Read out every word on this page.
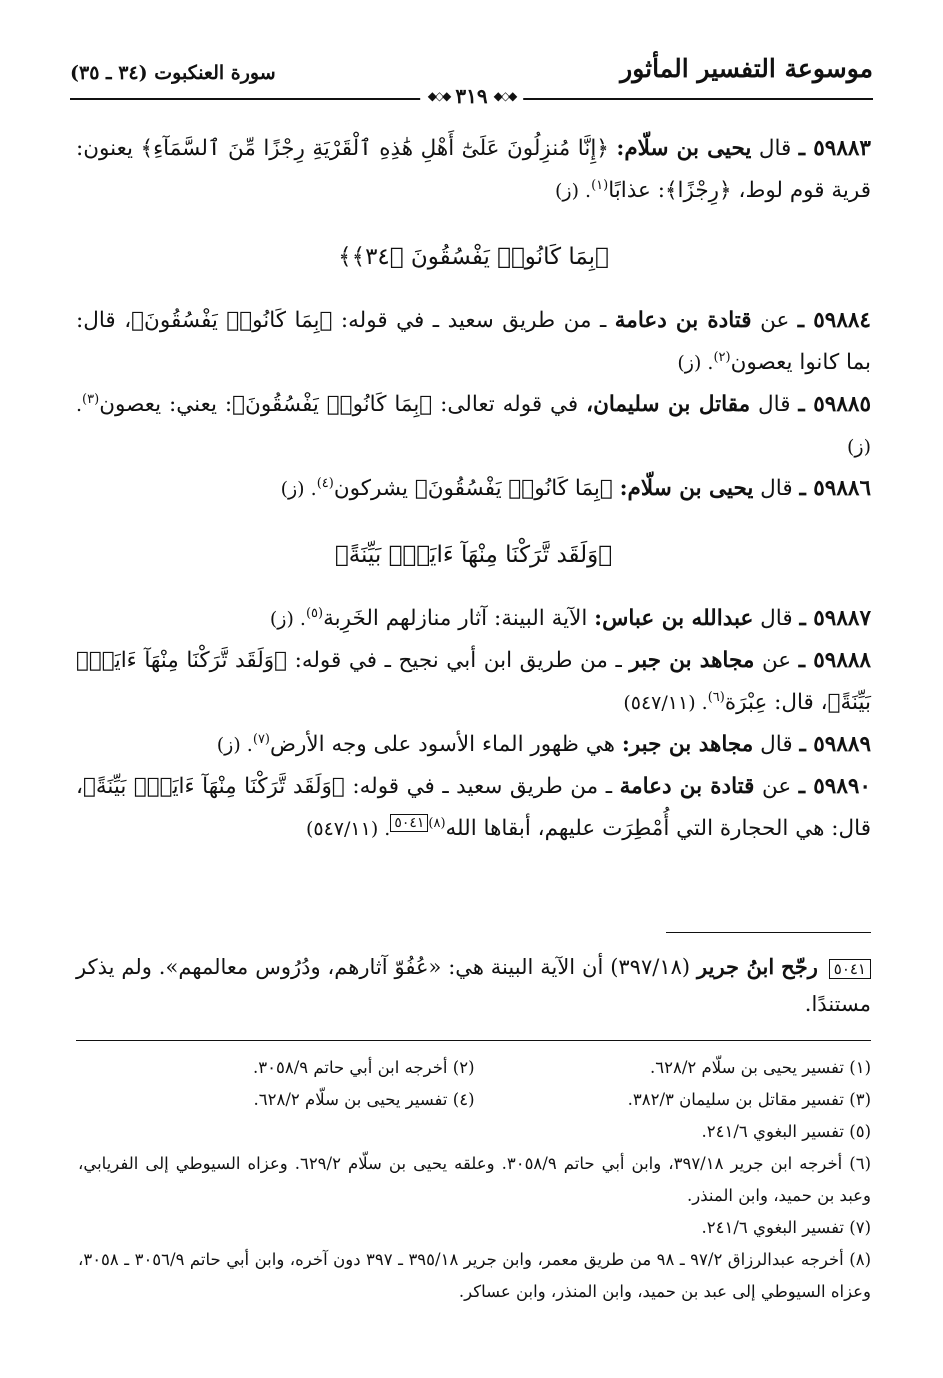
موسوعة التفسير المأثور
سورة العنكبوت (٣٤ ـ ٣٥)
◆◇◆
٣١٩
◆◇◆

٥٩٨٨٣ ـ قال يحيى بن سلّام: ﴿إِنَّا مُنزِلُونَ عَلَىٰٓ أَهْلِ هَٰذِهِ ٱلْقَرْيَةِ رِجْزًا مِّنَ ٱلسَّمَآءِ﴾ يعنون: قرية قوم لوط، ﴿رِجْزًا﴾: عذابًا$^{(١)}$. (ز)

﴿بِمَا كَانُوا۟ يَفْسُقُونَ ﴿٣٤﴾﴾

٥٩٨٨٤ ـ عن قتادة بن دعامة ـ من طريق سعيد ـ في قوله: ﴿بِمَا كَانُوا۟ يَفْسُقُونَ﴾، قال: بما كانوا يعصون$^{(٢)}$. (ز)

٥٩٨٨٥ ـ قال مقاتل بن سليمان، في قوله تعالى: ﴿بِمَا كَانُوا۟ يَفْسُقُونَ﴾: يعني: يعصون$^{(٣)}$. (ز)

٥٩٨٨٦ ـ قال يحيى بن سلّام: ﴿بِمَا كَانُوا۟ يَفْسُقُونَ﴾ يشركون$^{(٤)}$. (ز)

﴿وَلَقَد تَّرَكْنَا مِنْهَآ ءَايَةًۢ بَيِّنَةً﴾

٥٩٨٨٧ ـ قال عبدالله بن عباس: الآية البينة: آثار منازلهم الخَرِبة$^{(٥)}$. (ز)

٥٩٨٨٨ ـ عن مجاهد بن جبر ـ من طريق ابن أبي نجيح ـ في قوله: ﴿وَلَقَد تَّرَكْنَا مِنْهَآ ءَايَةًۢ بَيِّنَةً﴾، قال: عِبْرَة$^{(٦)}$. (٥٤٧/١١)

٥٩٨٨٩ ـ قال مجاهد بن جبر: هي ظهور الماء الأسود على وجه الأرض$^{(٧)}$. (ز)

٥٩٨٩٠ ـ عن قتادة بن دعامة ـ من طريق سعيد ـ في قوله: ﴿وَلَقَد تَّرَكْنَا مِنْهَآ ءَايَةًۢ بَيِّنَةً﴾، قال: هي الحجارة التي أُمْطِرَت عليهم، أبقاها الله$^{(٨)}$٥٠٤١. (٥٤٧/١١)

٥٠٤١ رجّح ابنُ جرير (٣٩٧/١٨) أن الآية البينة هي: «عُفُوّ آثارهم، ودُرُوس معالمهم». ولم يذكر مستندًا.
(١) تفسير يحيى بن سلّام ٦٢٨/٢.
(٢) أخرجه ابن أبي حاتم ٣٠٥٨/٩.
(٣) تفسير مقاتل بن سليمان ٣٨٢/٣.
(٤) تفسير يحيى بن سلّام ٦٢٨/٢.
(٥) تفسير البغوي ٢٤١/٦.
(٦) أخرجه ابن جرير ٣٩٧/١٨، وابن أبي حاتم ٣٠٥٨/٩. وعلقه يحيى بن سلّام ٦٢٩/٢. وعزاه السيوطي إلى الفريابي، وعبد بن حميد، وابن المنذر.
(٧) تفسير البغوي ٢٤١/٦.
(٨) أخرجه عبدالرزاق ٩٧/٢ ـ ٩٨ من طريق معمر، وابن جرير ٣٩٥/١٨ ـ ٣٩٧ دون آخره، وابن أبي حاتم ٣٠٥٦/٩ ـ ٣٠٥٨، وعزاه السيوطي إلى عبد بن حميد، وابن المنذر، وابن عساكر.
